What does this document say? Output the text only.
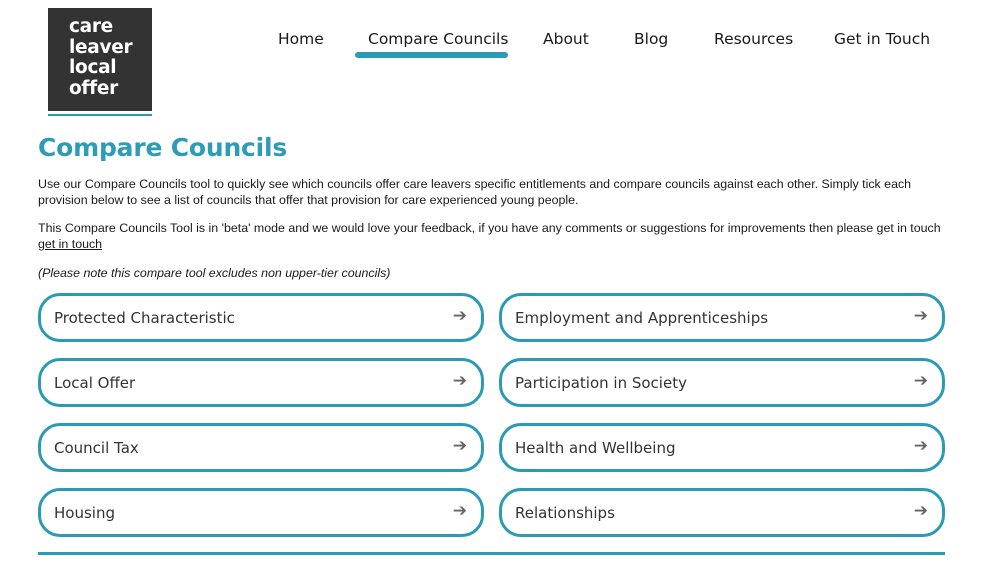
care
leaver
local
offer
Home	Compare Councils About	Blog	Resources	Get in Touch
Compare Councils

Use our Compare Councils tool to quickly see which councils offer care leavers specific entitlements and compare councils against each other. Simply tick each provision below to see a list of councils that offer that provision for care experienced young people.

This Compare Councils Tool is in 'beta' mode and we would love your feedback, if you have any comments or suggestions for improvements then please get in touch get in touch

(Please note this compare tool excludes non upper-tier councils)

Protected Characteristic	➔	Employment and Apprenticeships	➔
Local Offer	➔	Participation in Society	➔
Council Tax	➔	Health and Wellbeing	➔
Housing	➔	Relationships	➔
